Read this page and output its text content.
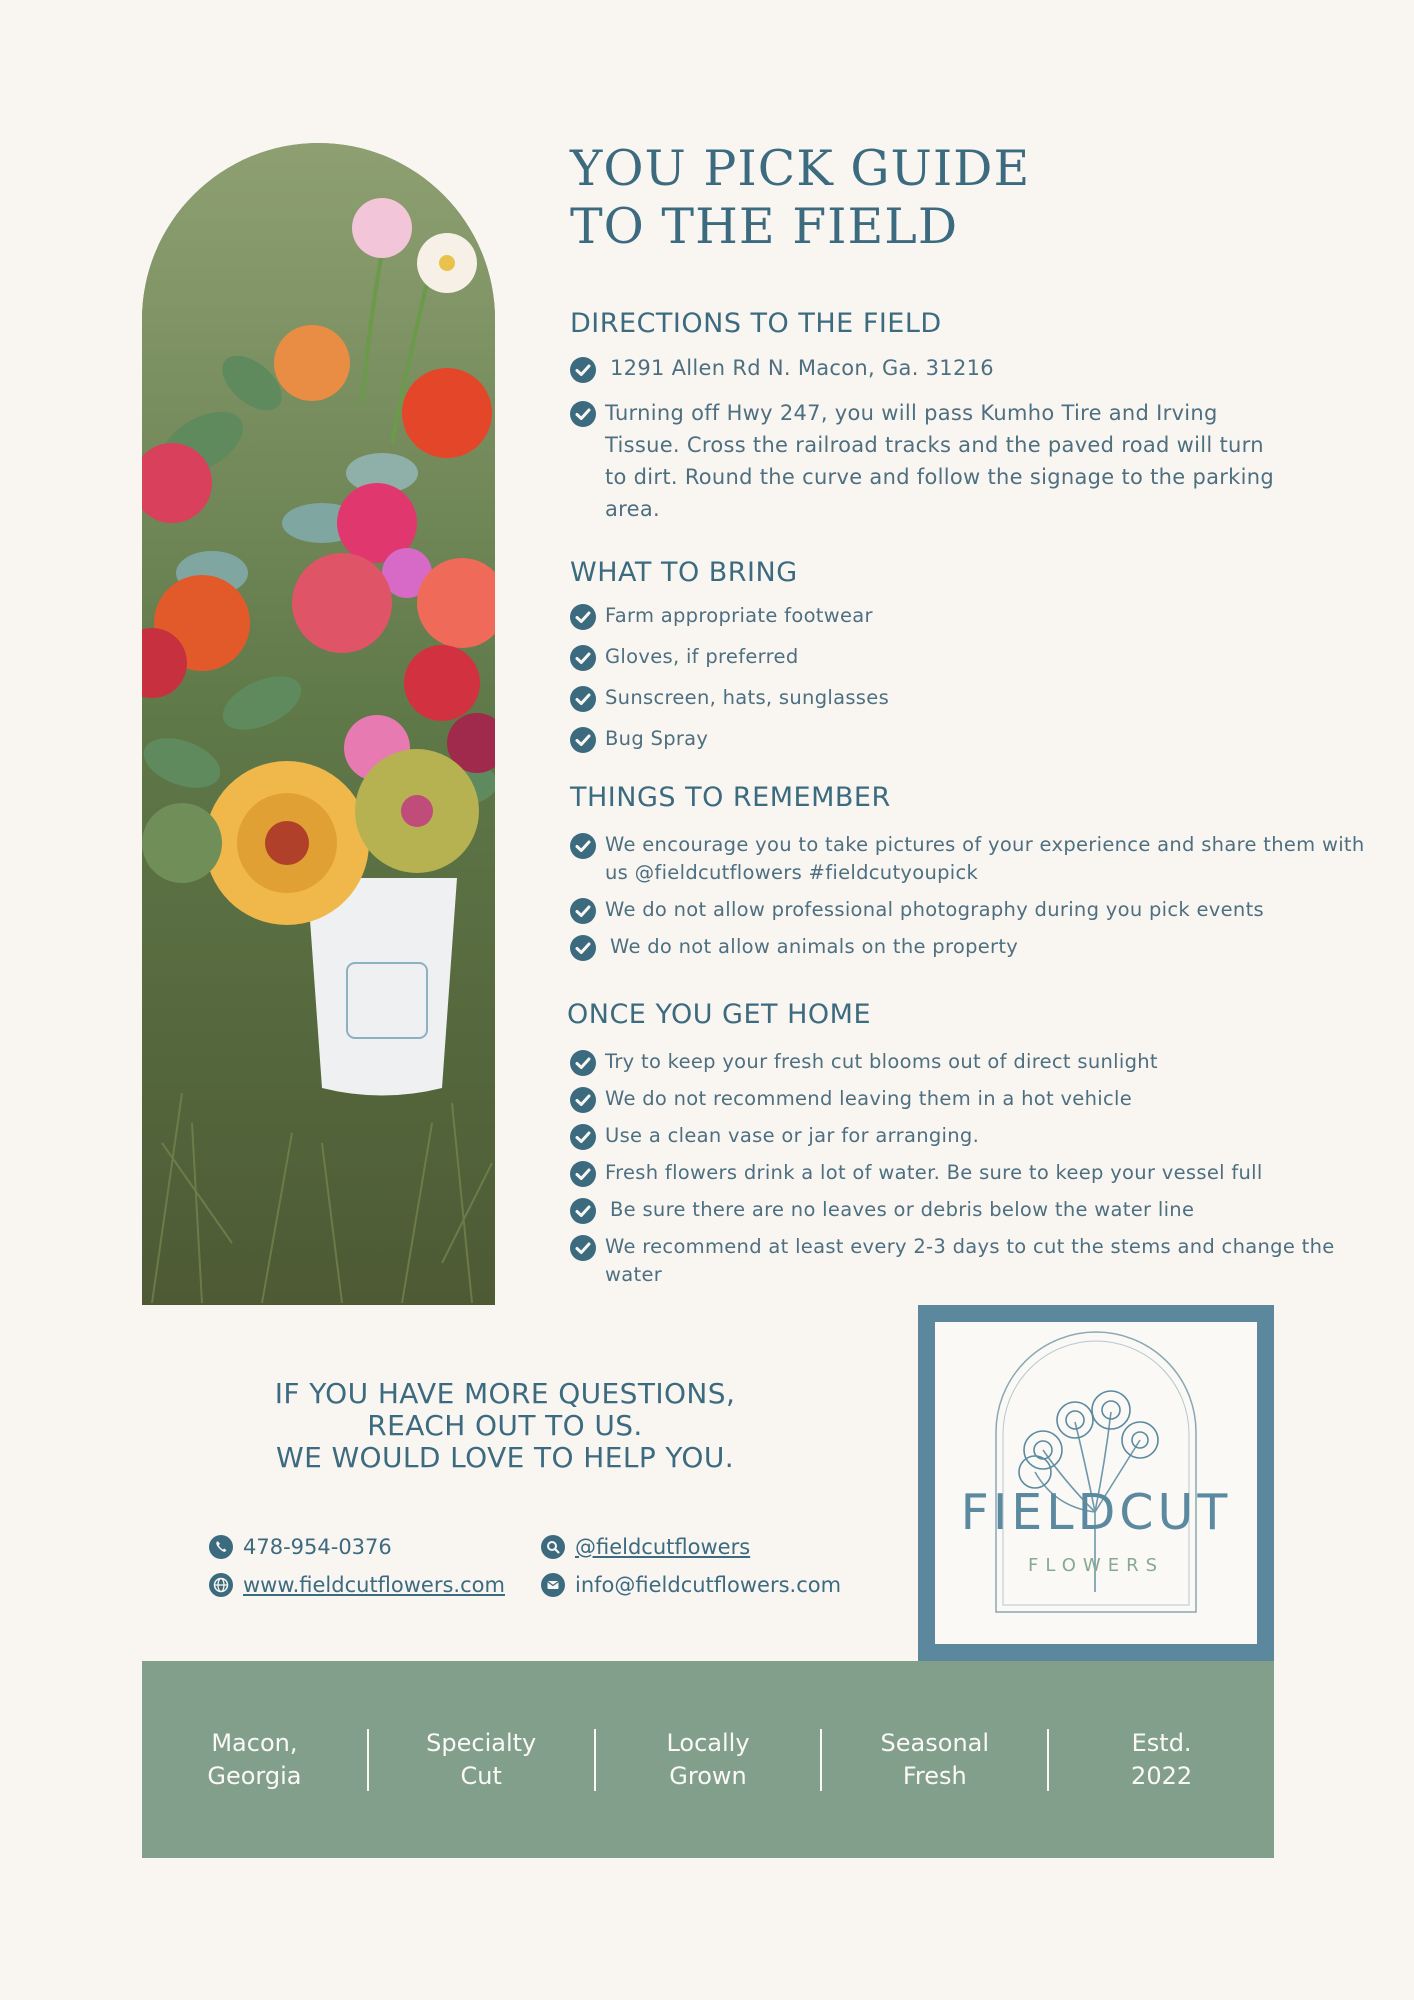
YOU PICK GUIDE
TO THE FIELD
DIRECTIONS TO THE FIELD
1291 Allen Rd N. Macon, Ga. 31216
Turning off Hwy 247, you will pass Kumho Tire and Irving Tissue. Cross the railroad tracks and the paved road will turn to dirt. Round the curve and follow the signage to the parking area.
WHAT TO BRING
Farm appropriate footwear
Gloves, if preferred
Sunscreen, hats, sunglasses
Bug Spray
THINGS TO REMEMBER
We encourage you to take pictures of your experience and share them with us @fieldcutflowers #fieldcutyoupick
We do not allow professional photography during you pick events
We do not allow animals on the property
ONCE YOU GET HOME
Try to keep your fresh cut blooms out of direct sunlight
We do not recommend leaving them in a hot vehicle
Use a clean vase or jar for arranging.
Fresh flowers drink a lot of water. Be sure to keep your vessel full
Be sure there are no leaves or debris below the water line
We recommend at least every 2-3 days to cut the stems and change the water
IF YOU HAVE MORE QUESTIONS,
REACH OUT TO US.
WE WOULD LOVE TO HELP YOU.
478-954-0376
www.fieldcutflowers.com
@fieldcutflowers
info@fieldcutflowers.com
FIELDCUT
FLOWERS
Macon,
Georgia
Specialty
Cut
Locally
Grown
Seasonal
Fresh
Estd.
2022
